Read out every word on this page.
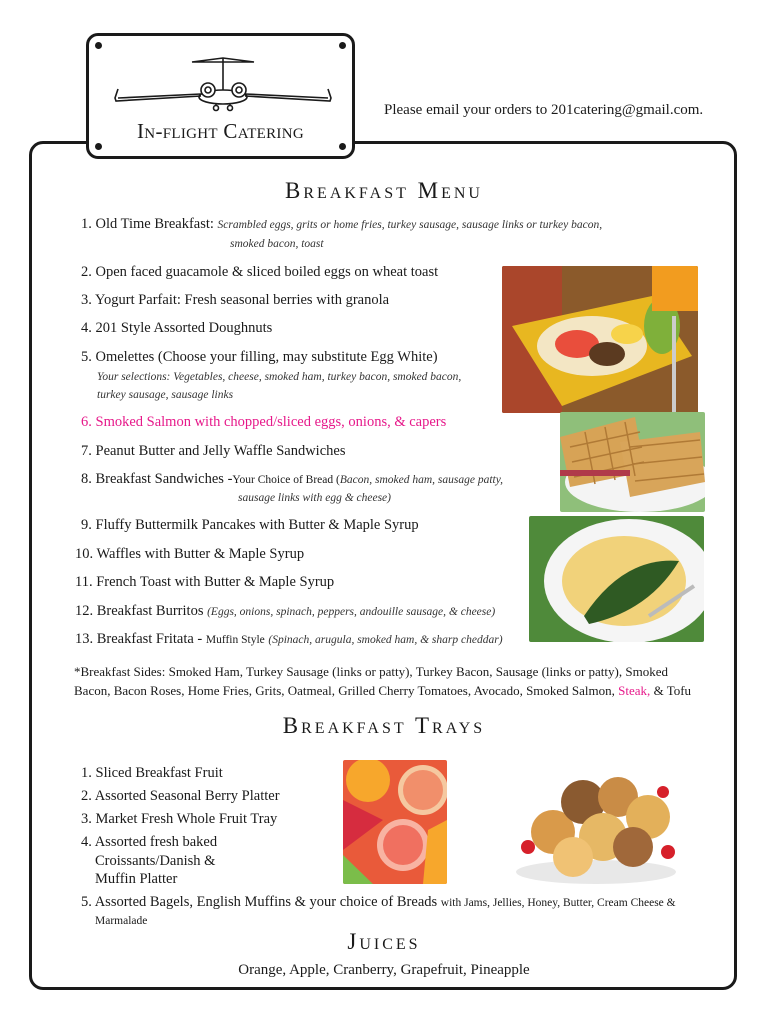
In-flight Catering
Please email your orders to 201catering@gmail.com.
Breakfast Menu
1. Old Time Breakfast: Scrambled eggs, grits or home fries, turkey sausage, sausage links or turkey bacon,
smoked bacon, toast
2. Open faced guacamole & sliced boiled eggs on wheat toast
3. Yogurt Parfait: Fresh seasonal berries with granola
4. 201 Style Assorted Doughnuts
5. Omelettes (Choose your filling, may substitute Egg White)
Your selections: Vegetables, cheese, smoked ham, turkey bacon, smoked bacon,
turkey sausage, sausage links
6. Smoked Salmon with chopped/sliced eggs, onions, & capers
7. Peanut Butter and Jelly Waffle Sandwiches
8. Breakfast Sandwiches -Your Choice of Bread (Bacon, smoked ham, sausage patty,
sausage links with egg & cheese)
9. Fluffy Buttermilk Pancakes with Butter & Maple Syrup
10. Waffles with Butter & Maple Syrup
11. French Toast with Butter & Maple Syrup
12. Breakfast Burritos (Eggs, onions, spinach, peppers, andouille sausage, & cheese)
13. Breakfast Fritata - Muffin Style (Spinach, arugula, smoked ham, & sharp cheddar)
*Breakfast Sides: Smoked Ham, Turkey Sausage (links or patty), Turkey Bacon, Sausage (links or patty), Smoked Bacon, Bacon Roses, Home Fries, Grits, Oatmeal, Grilled Cherry Tomatoes, Avocado, Smoked Salmon, Steak, & Tofu
Breakfast Trays
1. Sliced Breakfast Fruit
2. Assorted Seasonal Berry Platter
3. Market Fresh Whole Fruit Tray
4. Assorted fresh baked
Croissants/Danish &
Muffin Platter
5. Assorted Bagels, English Muffins & your choice of Breads with Jams, Jellies, Honey, Butter, Cream Cheese &
Marmalade
Juices
Orange, Apple, Cranberry, Grapefruit, Pineapple
